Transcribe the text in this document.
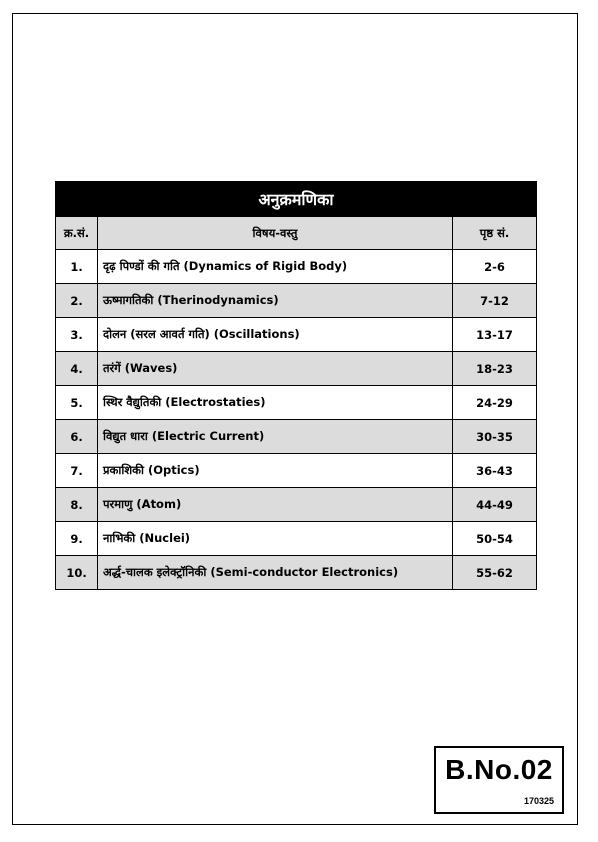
अनुक्रमणिका		
क्र.सं.	विषय-वस्तु	पृष्ठ सं.
1.	दृढ़ पिण्डों की गति (Dynamics of Rigid Body)	2-6
2.	ऊष्मागतिकी (Therinodynamics)	7-12
3.	दोलन (सरल आवर्त गति) (Oscillations)	13-17
4.	तरंगें (Waves)	18-23
5.	स्थिर वैद्युतिकी (Electrostaties)	24-29
6.	विद्युत धारा (Electric Current)	30-35
7.	प्रकाशिकी (Optics)	36-43
8.	परमाणु (Atom)	44-49
9.	नाभिकी (Nuclei)	50-54
10.	अर्द्ध-चालक इलेक्ट्रॉनिकी (Semi-conductor Electronics)	55-62
B.No.02
170325
